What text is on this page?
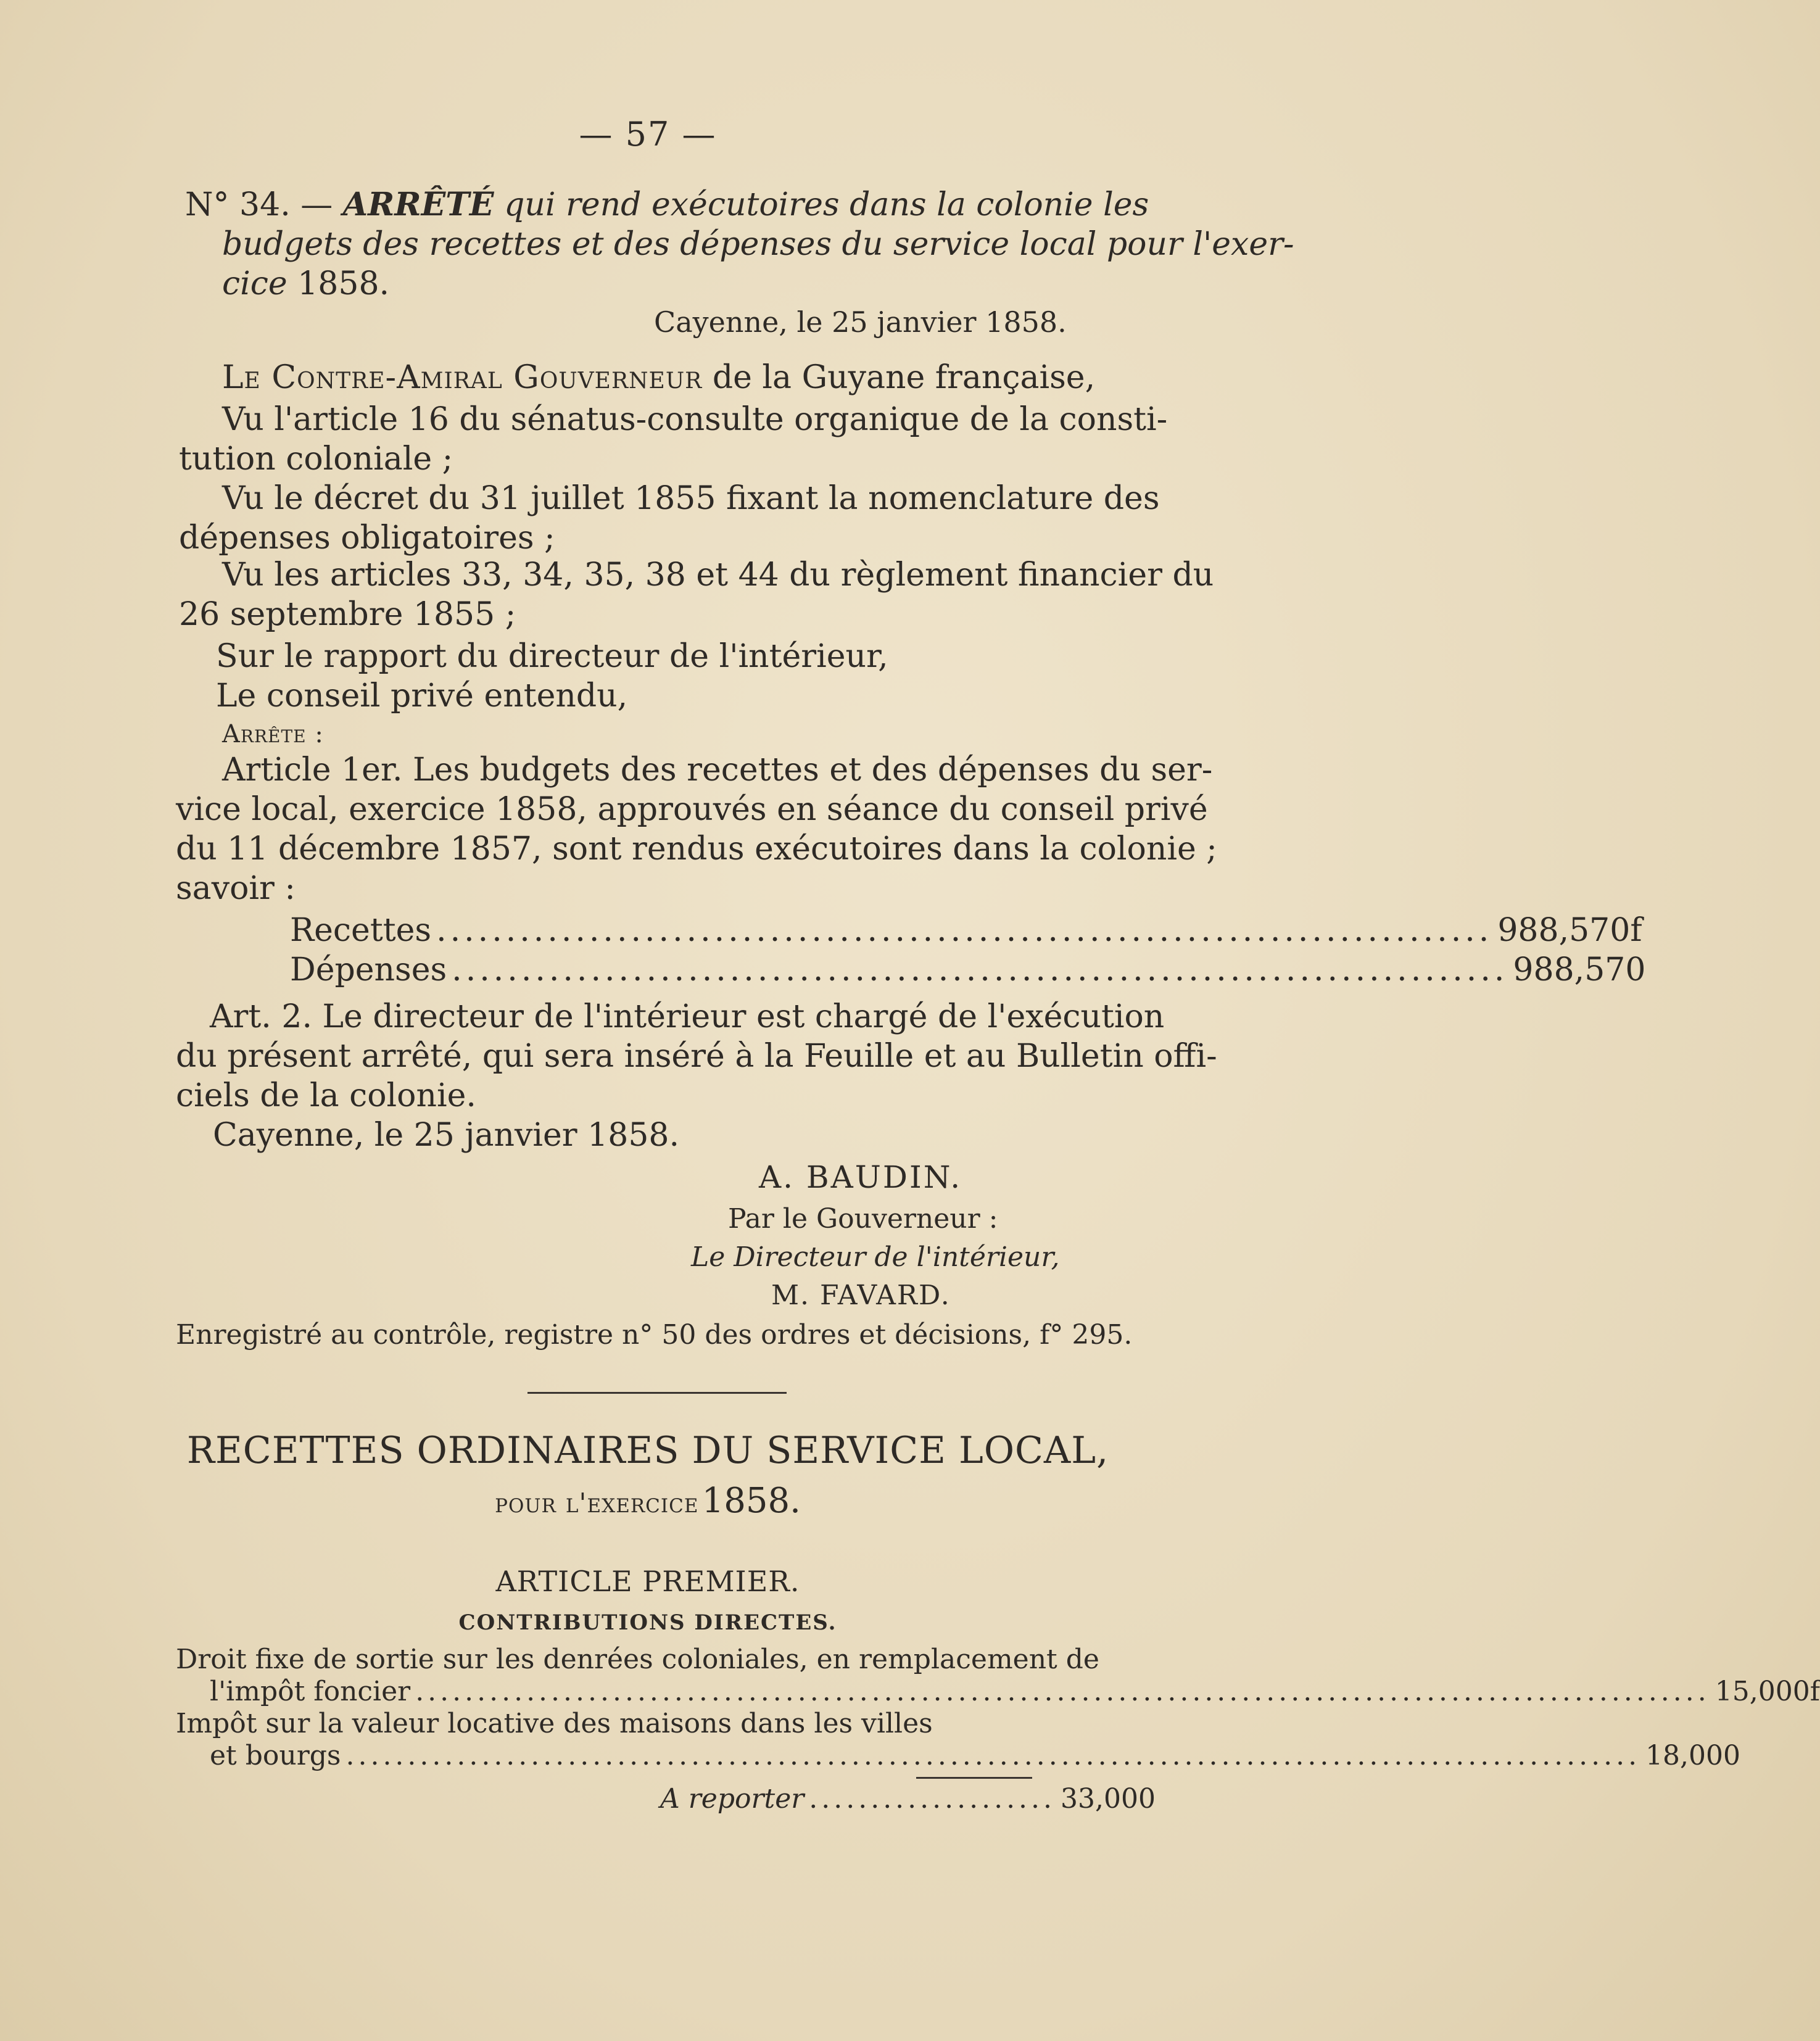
— 57 —
N° 34. — ARRÊTÉ qui rend exécutoires dans la colonie les
budgets des recettes et des dépenses du service local pour l'exer-
cice 1858.
Cayenne, le 25 janvier 1858.
Le Contre-Amiral Gouverneur de la Guyane française,
Vu l'article 16 du sénatus-consulte organique de la consti-
tution coloniale ;
Vu le décret du 31 juillet 1855 fixant la nomenclature des
dépenses obligatoires ;
Vu les articles 33, 34, 35, 38 et 44 du règlement financier du
26 septembre 1855 ;
Sur le rapport du directeur de l'intérieur,
Le conseil privé entendu,
Arrête :
Article 1er. Les budgets des recettes et des dépenses du ser-
vice local, exercice 1858, approuvés en séance du conseil privé
du 11 décembre 1857, sont rendus exécutoires dans la colonie ;
savoir :
Recettes ............................................................................ 988,570f
Dépenses ............................................................................ 988,570
Art. 2. Le directeur de l'intérieur est chargé de l'exécution
du présent arrêté, qui sera inséré à la Feuille et au Bulletin offi-
ciels de la colonie.
Cayenne, le 25 janvier 1858.
A. BAUDIN.
Par le Gouverneur :
Le Directeur de l'intérieur,
M. FAVARD.
Enregistré au contrôle, registre n° 50 des ordres et décisions, f° 295.
RECETTES ORDINAIRES DU SERVICE LOCAL,
pour l'exercice 1858.
ARTICLE PREMIER.
CONTRIBUTIONS DIRECTES.
Droit fixe de sortie sur les denrées coloniales, en remplacement de
l'impôt foncier ......................................................................................................... 15,000f
Impôt sur la valeur locative des maisons dans les villes
et bourgs ......................................................................................................... 18,000
A reporter .................... 33,000
